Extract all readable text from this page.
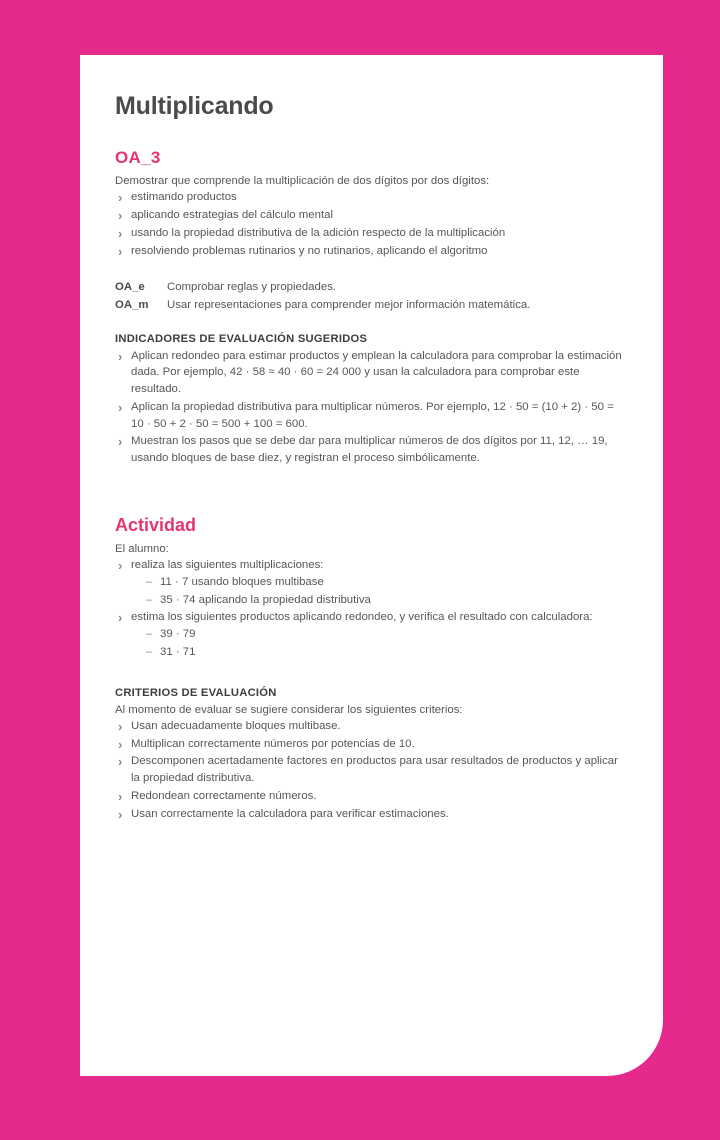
Multiplicando
OA_3

Demostrar que comprende la multiplicación de dos dígitos por dos dígitos:

› estimando productos
› aplicando estrategias del cálculo mental
› usando la propiedad distributiva de la adición respecto de la multiplicación
› resolviendo problemas rutinarios y no rutinarios, aplicando el algoritmo
OA_e	Comprobar reglas y propiedades.
OA_m	Usar representaciones para comprender mejor información matemática.
INDICADORES DE EVALUACIÓN SUGERIDOS
› Aplican redondeo para estimar productos y emplean la calculadora para comprobar la estimación dada. Por ejemplo, 42 · 58 ≈ 40 · 60 = 24 000 y usan la calculadora para comprobar este resultado.
› Aplican la propiedad distributiva para multiplicar números. Por ejemplo, 12 · 50 = (10 + 2) · 50 = 10 · 50 + 2 · 50 = 500 + 100 = 600.
› Muestran los pasos que se debe dar para multiplicar números de dos dígitos por 11, 12, … 19, usando bloques de base diez, y registran el proceso simbólicamente.
Actividad

El alumno:

› realiza las siguientes multiplicaciones:
– 11 · 7 usando bloques multibase
– 35 · 74 aplicando la propiedad distributiva
› estima los siguientes productos aplicando redondeo, y verifica el resultado con calculadora:
– 39 · 79
– 31 · 71
CRITERIOS DE EVALUACIÓN

Al momento de evaluar se sugiere considerar los siguientes criterios:

› Usan adecuadamente bloques multibase.
› Multiplican correctamente números por potencias de 10.
› Descomponen acertadamente factores en productos para usar resultados de productos y aplicar la propiedad distributiva.
› Redondean correctamente números.
› Usan correctamente la calculadora para verificar estimaciones.
